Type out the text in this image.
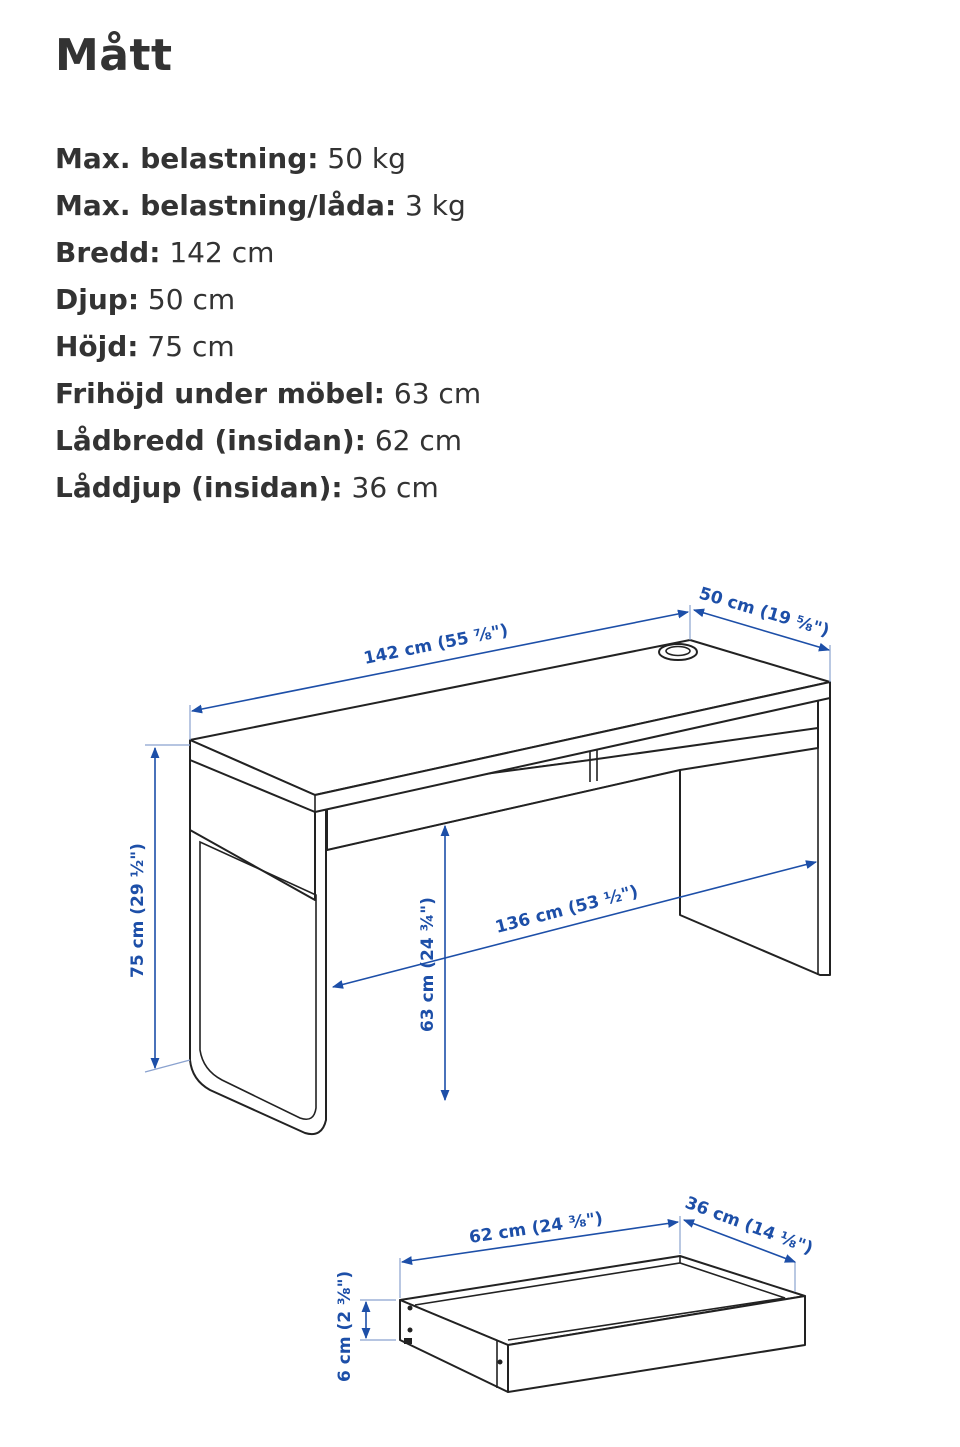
Mått
Max. belastning: 50 kg
Max. belastning/låda: 3 kg
Bredd: 142 cm
Djup: 50 cm
Höjd: 75 cm
Frihöjd under möbel: 63 cm
Lådbredd (insidan): 62 cm
Låddjup (insidan): 36 cm
142 cm (55 ⅞")
50 cm (19 ⅝")
75 cm (29 ½")	63 cm (24 ¾")	136 cm (53 ½")
62 cm (24 ⅜")	36 cm (14 ⅛")
6 cm (2 ⅜")
